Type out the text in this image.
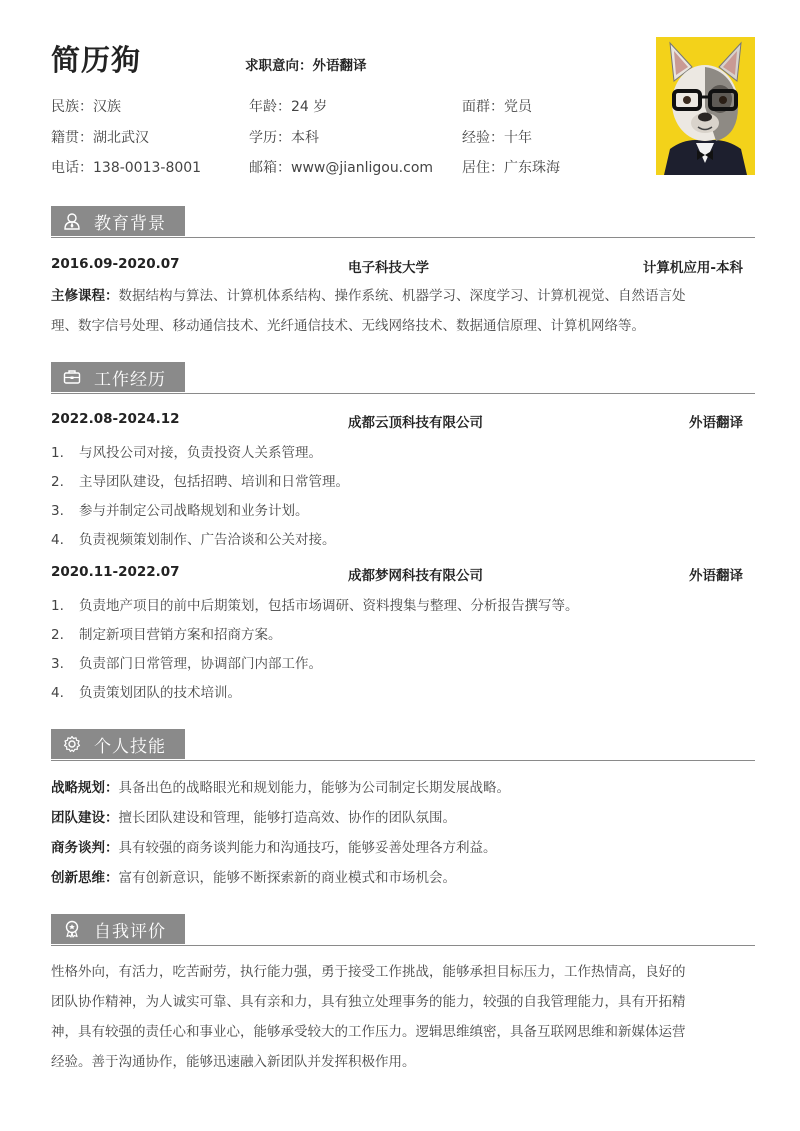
简历狗	求职意向：外语翻译
民族：汉族	年龄：24 岁	面群：党员
籍贯：湖北武汉	学历：本科	经验：十年
电话：138-0013-8001	邮箱：www@jianligou.com 居住：广东珠海
教育背景
2016.09-2020.07	电子科技大学	计算机应用-本科
主修课程：数据结构与算法、计算机体系结构、操作系统、机器学习、深度学习、计算机视觉、自然语言处
理、数字信号处理、移动通信技术、光纤通信技术、无线网络技术、数据通信原理、计算机网络等。
工作经历
2022.08-2024.12	成都云顶科技有限公司	外语翻译
1. 与风投公司对接，负责投资人关系管理。
2. 主导团队建设，包括招聘、培训和日常管理。
3. 参与并制定公司战略规划和业务计划。
4. 负责视频策划制作、广告洽谈和公关对接。
2020.11-2022.07	成都梦网科技有限公司	外语翻译
1. 负责地产项目的前中后期策划，包括市场调研、资料搜集与整理、分析报告撰写等。
2. 制定新项目营销方案和招商方案。
3. 负责部门日常管理，协调部门内部工作。
4. 负责策划团队的技术培训。
个人技能
战略规划：具备出色的战略眼光和规划能力，能够为公司制定长期发展战略。
团队建设：擅长团队建设和管理，能够打造高效、协作的团队氛围。
商务谈判：具有较强的商务谈判能力和沟通技巧，能够妥善处理各方利益。
创新思维：富有创新意识，能够不断探索新的商业模式和市场机会。
自我评价
性格外向，有活力，吃苦耐劳，执行能力强，勇于接受工作挑战，能够承担目标压力，工作热情高，良好的
团队协作精神，为人诚实可靠、具有亲和力，具有独立处理事务的能力，较强的自我管理能力，具有开拓精
神，具有较强的责任心和事业心，能够承受较大的工作压力。逻辑思维缜密，具备互联网思维和新媒体运营
经验。善于沟通协作，能够迅速融入新团队并发挥积极作用。
